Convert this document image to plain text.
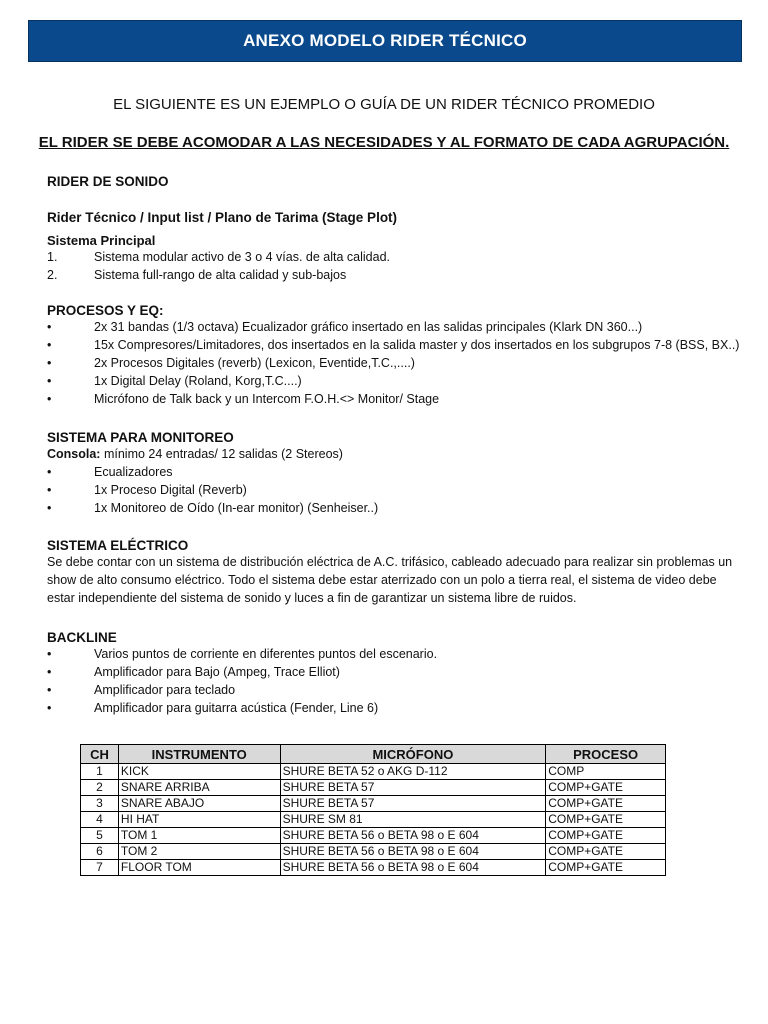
ANEXO MODELO RIDER TÉCNICO
EL SIGUIENTE ES UN EJEMPLO O GUÍA DE UN RIDER TÉCNICO PROMEDIO
EL RIDER SE DEBE ACOMODAR A LAS NECESIDADES Y AL FORMATO DE CADA AGRUPACIÓN.
RIDER DE SONIDO
Rider Técnico / Input list / Plano de Tarima (Stage Plot)
Sistema Principal
1.	Sistema modular activo de 3 o 4 vías. de alta calidad.
2.	Sistema full-rango de alta calidad y sub-bajos
PROCESOS Y EQ:
•	2x 31 bandas (1/3 octava) Ecualizador gráfico insertado en las salidas principales (Klark DN 360...)
•	15x Compresores/Limitadores, dos insertados en la salida master y dos insertados en los subgrupos 7-8 (BSS, BX..)
•	2x Procesos Digitales (reverb) (Lexicon, Eventide,T.C.,....)
•	1x Digital Delay (Roland, Korg,T.C....)
•	Micrófono de Talk back y un Intercom F.O.H.<> Monitor/ Stage
SISTEMA PARA MONITOREO
Consola: mínimo 24 entradas/ 12 salidas (2 Stereos)
•	Ecualizadores
•	1x Proceso Digital (Reverb)
•	1x Monitoreo de Oído (In-ear monitor) (Senheiser..)
SISTEMA ELÉCTRICO
Se debe contar con un sistema de distribución eléctrica de A.C. trifásico, cableado adecuado para realizar sin problemas un
show de alto consumo eléctrico. Todo el sistema debe estar aterrizado con un polo a tierra real, el sistema de video debe
estar independiente del sistema de sonido y luces a fin de garantizar un sistema libre de ruidos.
BACKLINE
•	Varios puntos de corriente en diferentes puntos del escenario.
•	Amplificador para Bajo (Ampeg, Trace Elliot)
•	Amplificador para teclado
•	Amplificador para guitarra acústica (Fender, Line 6)
CH	INSTRUMENTO	MICRÓFONO	PROCESO
1	KICK	SHURE BETA 52 o AKG D-112	COMP
2	SNARE ARRIBA	SHURE BETA 57	COMP+GATE
3	SNARE ABAJO	SHURE BETA 57	COMP+GATE
4	HI HAT	SHURE SM 81	COMP+GATE
5	TOM 1	SHURE BETA 56 o BETA 98 o E 604	COMP+GATE
6	TOM 2	SHURE BETA 56 o BETA 98 o E 604	COMP+GATE
7	FLOOR TOM	SHURE BETA 56 o BETA 98 o E 604	COMP+GATE
